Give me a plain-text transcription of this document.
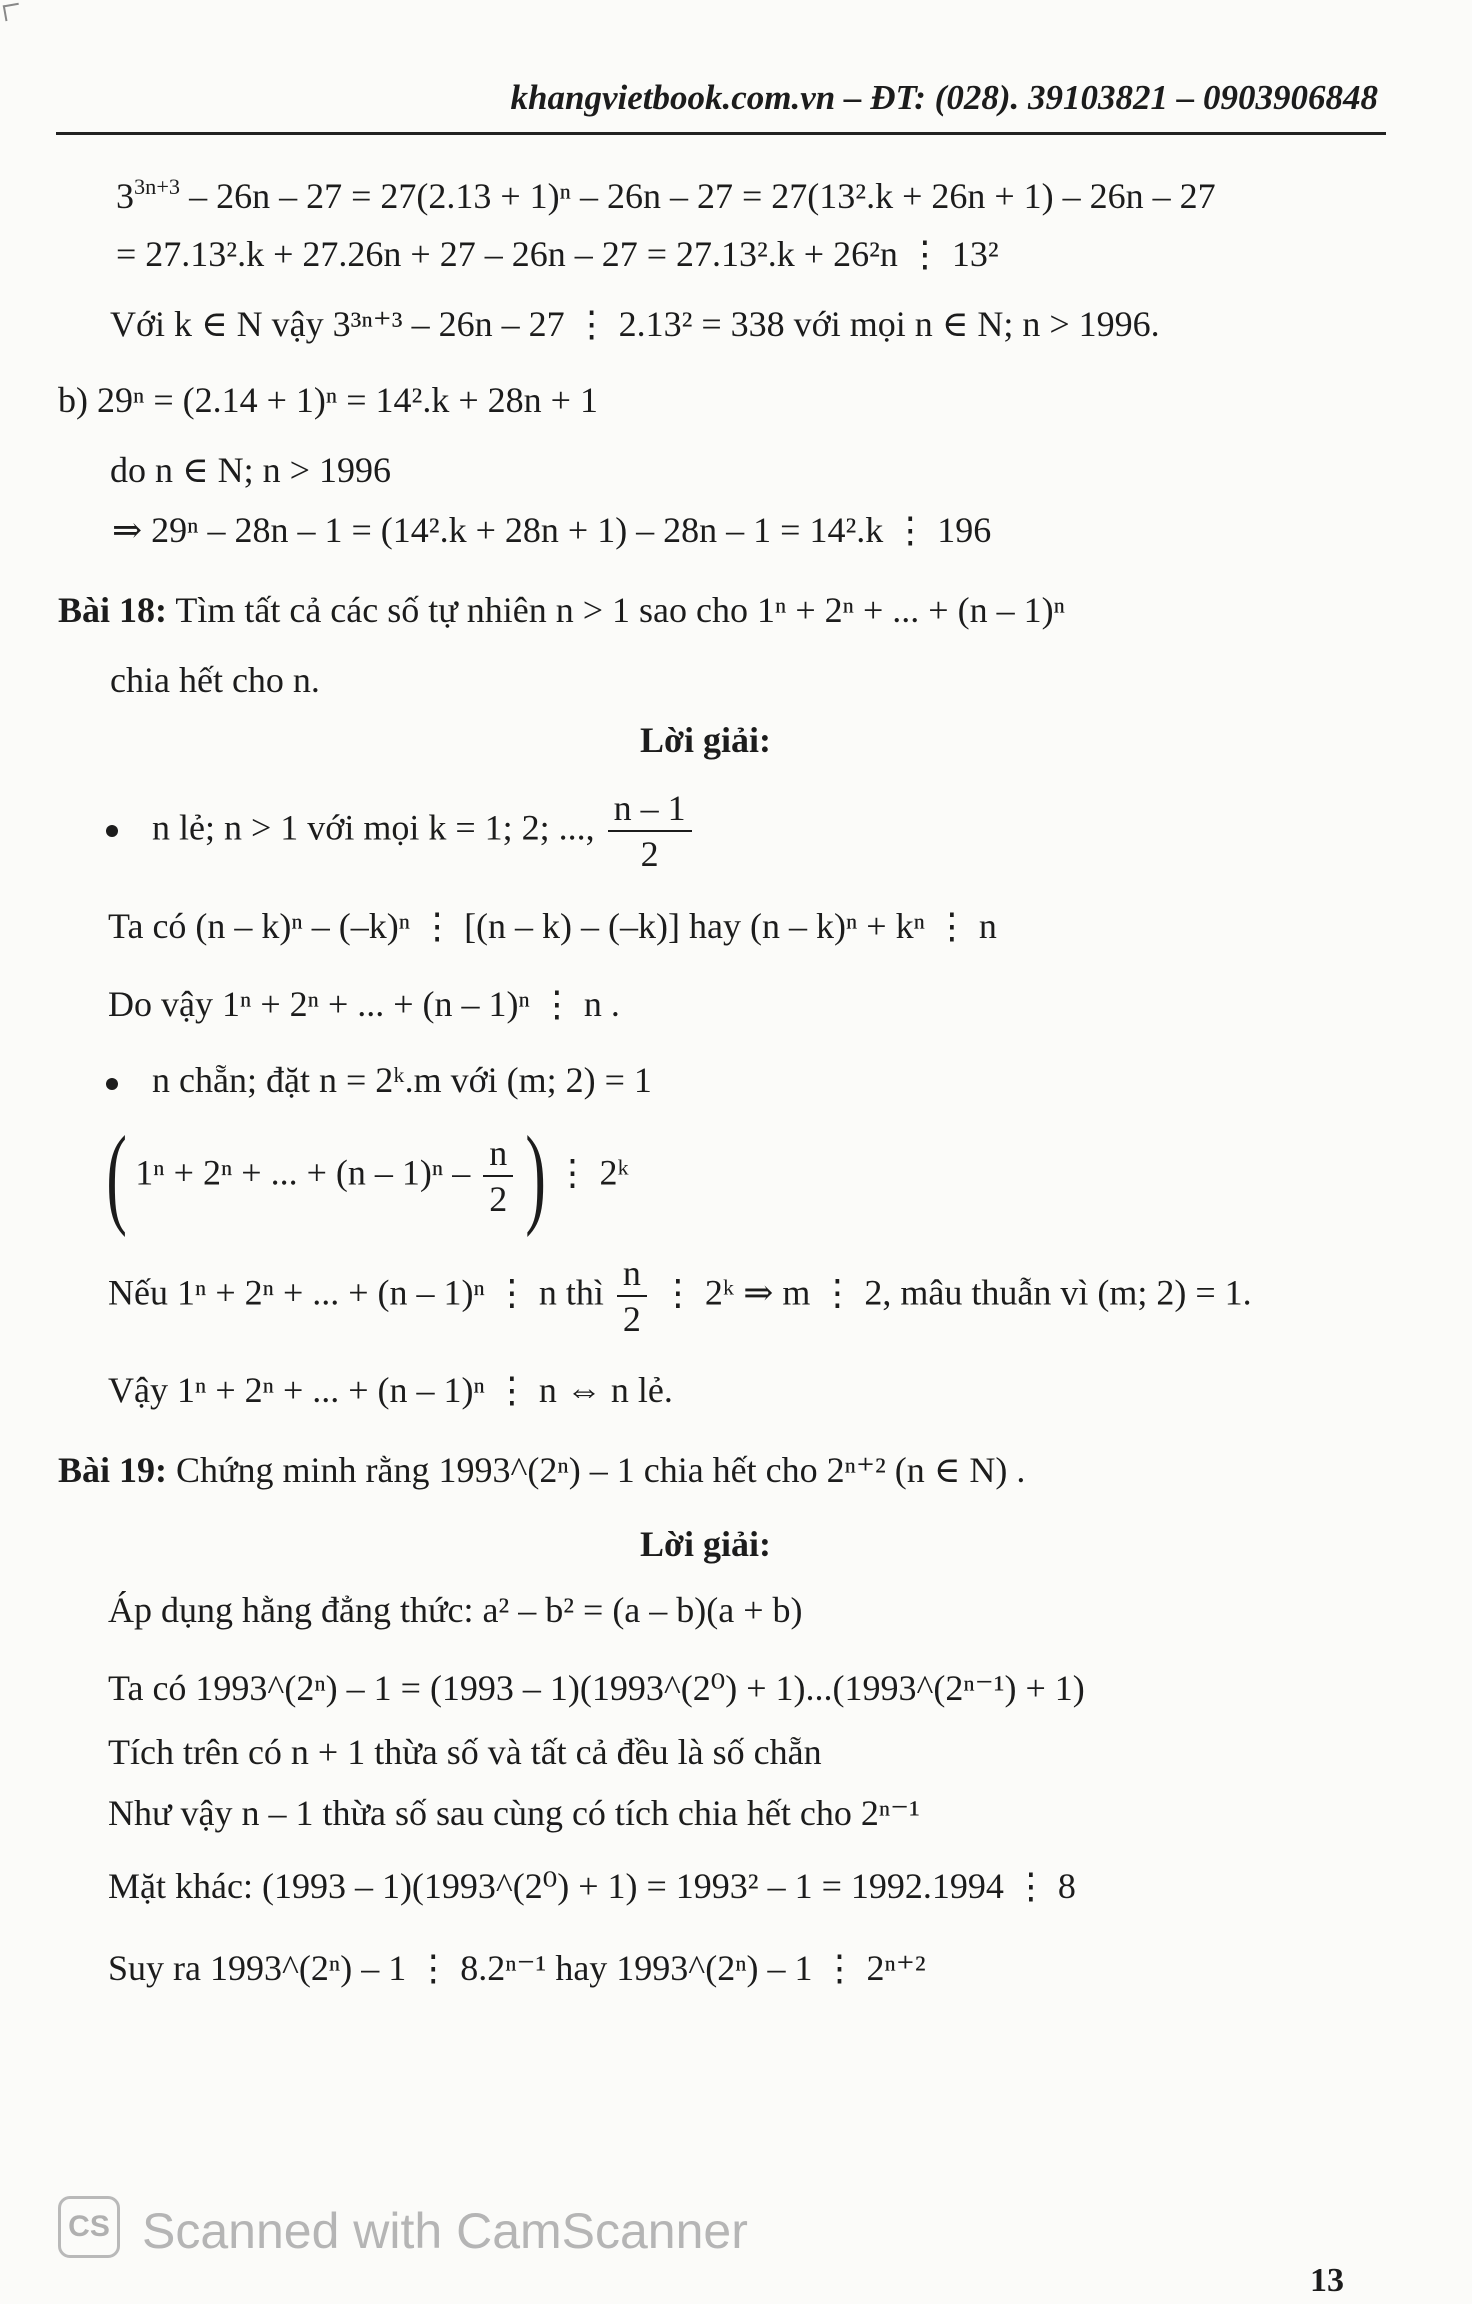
khangvietbook.com.vn – ĐT: (028). 39103821 – 0903906848
$3^{3n+3} - 26n - 27 = 27(2.13 + 1)^n - 26n - 27 = 27(13^2.k + 26n + 1) - 26n - 27$
= 27.13².k + 27.26n + 27 – 26n – 27 = 27.13².k + 26²n ⋮ 13²
Với k ∈ N vậy 3³ⁿ⁺³ – 26n – 27 ⋮ 2.13² = 338 với mọi n ∈ N; n > 1996.
b) 29ⁿ = (2.14 + 1)ⁿ = 14².k + 28n + 1
do n ∈ N; n > 1996
⇒ 29ⁿ – 28n – 1 = (14².k + 28n + 1) – 28n – 1 = 14².k ⋮ 196
Bài 18: Tìm tất cả các số tự nhiên n > 1 sao cho 1ⁿ + 2ⁿ + ... + (n – 1)ⁿ
chia hết cho n.
Lời giải:
n lẻ; n > 1 với mọi k = 1; 2; ..., $\frac{n - 1}{2}$
Ta có (n – k)ⁿ – (–k)ⁿ ⋮ [(n – k) – (–k)] hay (n – k)ⁿ + kⁿ ⋮ n
Do vậy 1ⁿ + 2ⁿ + ... + (n – 1)ⁿ ⋮ n .
n chẵn; đặt n = 2ᵏ.m với (m; 2) = 1
( 1ⁿ + 2ⁿ + ... + $(n - 1)^n - \frac{n}{2}$ ) ⋮ 2ᵏ
Nếu 1ⁿ + 2ⁿ + ... + (n – 1)ⁿ ⋮ n thì $\frac{n}{2}$ ⋮ 2ᵏ ⇒ m ⋮ 2, mâu thuẫn vì (m; 2) = 1.
Vậy 1ⁿ + 2ⁿ + ... + (n – 1)ⁿ ⋮ n ⇔ n lẻ.
Bài 19: Chứng minh rằng 1993^(2ⁿ) – 1 chia hết cho 2ⁿ⁺² (n ∈ N) .
Lời giải:
Áp dụng hằng đẳng thức: a² – b² = (a – b)(a + b)
Ta có 1993^(2ⁿ) – 1 = (1993 – 1)(1993^(2⁰) + 1)...(1993^(2ⁿ⁻¹) + 1)
Tích trên có n + 1 thừa số và tất cả đều là số chẵn
Như vậy n – 1 thừa số sau cùng có tích chia hết cho 2ⁿ⁻¹
Mặt khác: (1993 – 1)(1993^(2⁰) + 1) = 1993² – 1 = 1992.1994 ⋮ 8
Suy ra 1993^(2ⁿ) – 1 ⋮ 8.2ⁿ⁻¹ hay 1993^(2ⁿ) – 1 ⋮ 2ⁿ⁺²
CS Scanned with CamScanner
13
